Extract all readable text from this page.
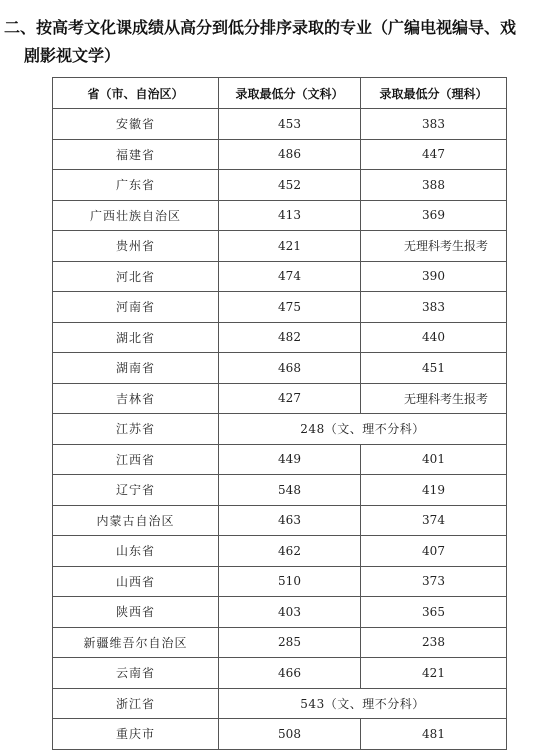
二、按高考文化课成绩从高分到低分排序录取的专业（广编电视编导、戏
剧影视文学）
省（市、自治区）	录取最低分（文科）	录取最低分（理科）
安徽省	453	383
福建省	486	447
广东省	452	388
广西壮族自治区	413	369
贵州省	421	无理科考生报考
河北省	474	390
河南省	475	383
湖北省	482	440
湖南省	468	451
吉林省	427	无理科考生报考
江苏省	248（文、理不分科）	
江西省	449	401
辽宁省	548	419
内蒙古自治区	463	374
山东省	462	407
山西省	510	373
陕西省	403	365
新疆维吾尔自治区	285	238
云南省	466	421
浙江省	543（文、理不分科）	
重庆市	508	481
